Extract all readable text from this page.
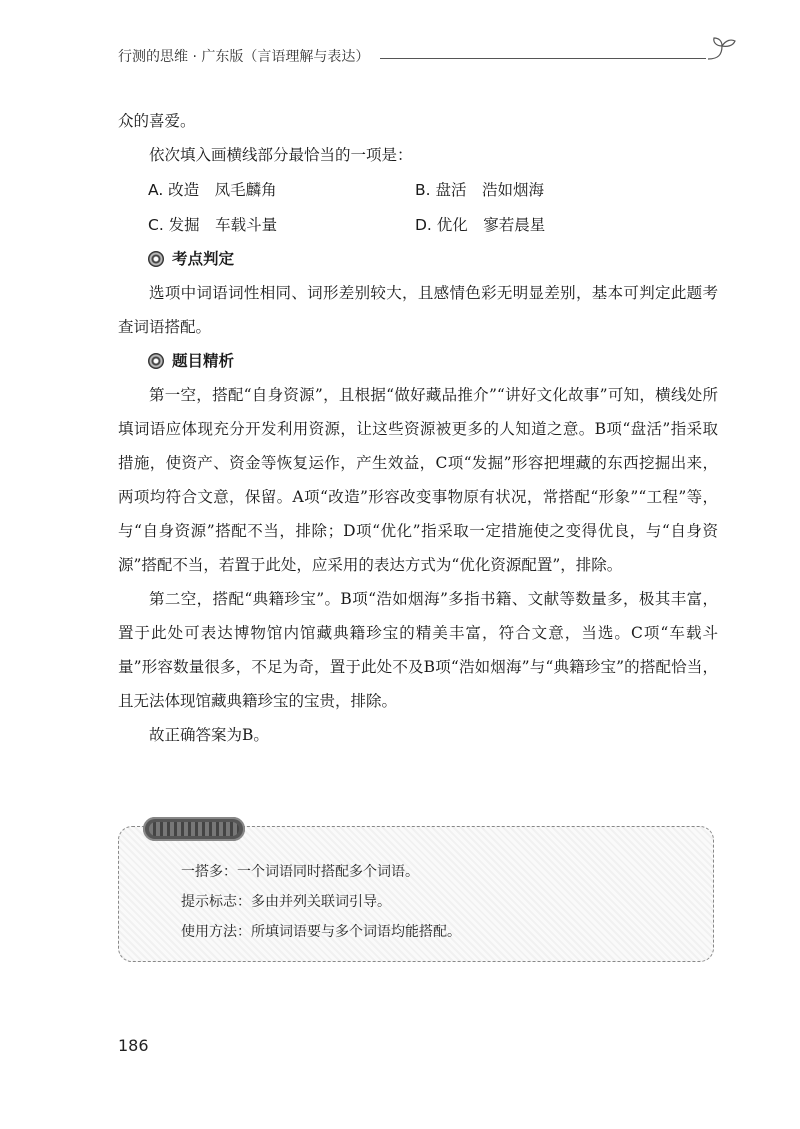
行测的思维 · 广东版（言语理解与表达）

众的喜爱。

依次填入画横线部分最恰当的一项是：

A. 改造　凤毛麟角	B. 盘活　浩如烟海
C. 发掘　车载斗量	D. 优化　寥若晨星
考点判定

选项中词语词性相同、词形差别较大，且感情色彩无明显差别，基本可判定此题考查词语搭配。

题目精析

第一空，搭配“自身资源”，且根据“做好藏品推介”“讲好文化故事”可知，横线处所填词语应体现充分开发利用资源，让这些资源被更多的人知道之意。B项“盘活”指采取措施，使资产、资金等恢复运作，产生效益，C项“发掘”形容把埋藏的东西挖掘出来，两项均符合文意，保留。A项“改造”形容改变事物原有状况，常搭配“形象”“工程”等，与“自身资源”搭配不当，排除；D项“优化”指采取一定措施使之变得优良，与“自身资源”搭配不当，若置于此处，应采用的表达方式为“优化资源配置”，排除。

第二空，搭配“典籍珍宝”。B项“浩如烟海”多指书籍、文献等数量多，极其丰富，置于此处可表达博物馆内馆藏典籍珍宝的精美丰富，符合文意，当选。C项“车载斗量”形容数量很多，不足为奇，置于此处不及B项“浩如烟海”与“典籍珍宝”的搭配恰当，且无法体现馆藏典籍珍宝的宝贵，排除。

故正确答案为B。

一搭多：一个词语同时搭配多个词语。
提示标志：多由并列关联词引导。
使用方法：所填词语要与多个词语均能搭配。
186
